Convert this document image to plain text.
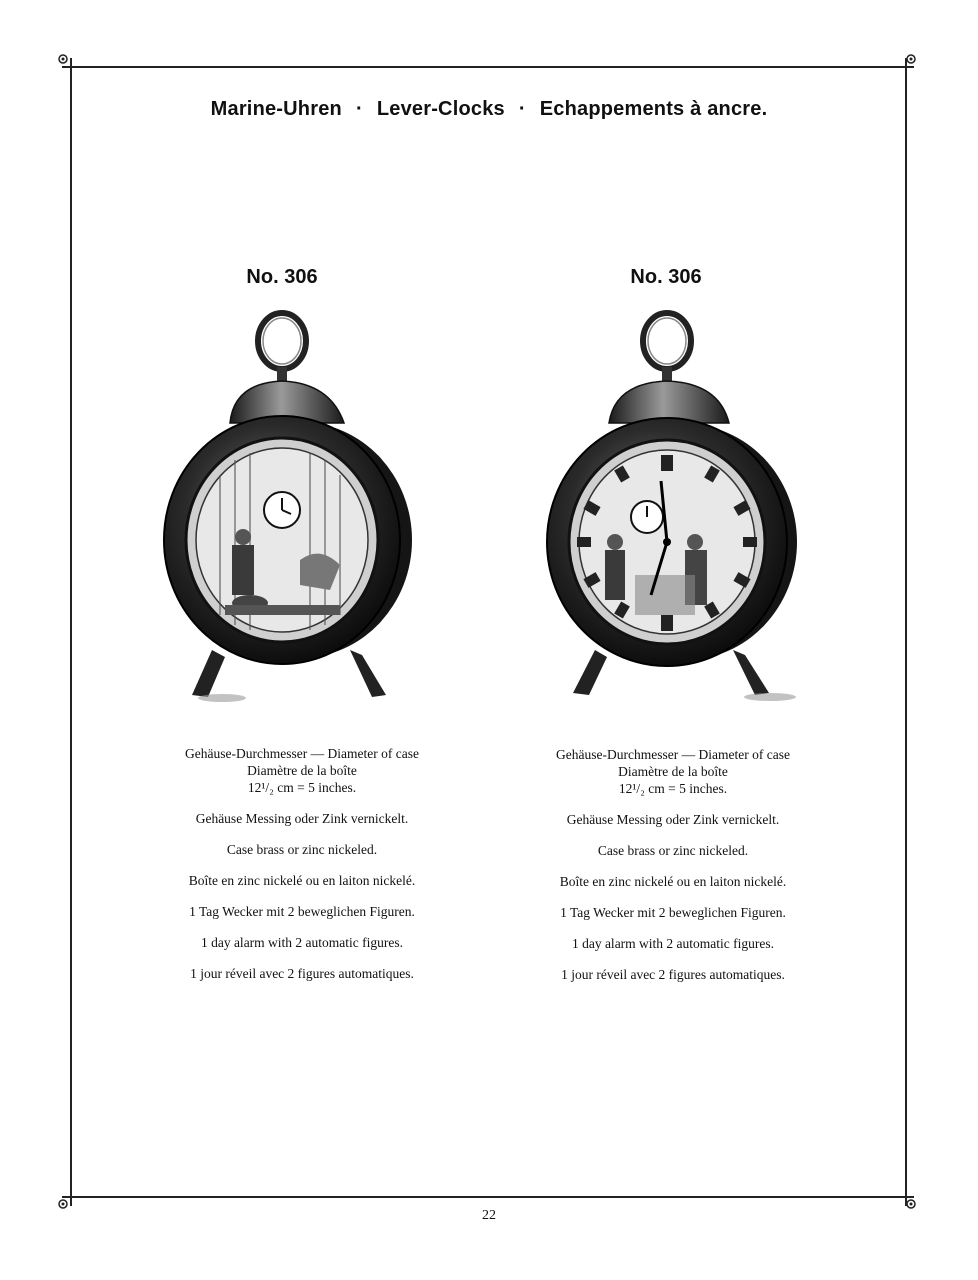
Marine-Uhren · Lever-Clocks · Echappements à ancre.
No. 306
Gehäuse-Durchmesser — Diameter of case
Diamètre de la boîte
12¹/₂ cm = 5 inches.
Gehäuse Messing oder Zink vernickelt.
Case brass or zinc nickeled.
Boîte en zinc nickelé ou en laiton nickelé.
1 Tag Wecker mit 2 beweglichen Figuren.
1 day alarm with 2 automatic figures.
1 jour réveil avec 2 figures automatiques.
No. 306
Gehäuse-Durchmesser — Diameter of case
Diamètre de la boîte
12¹/₂ cm = 5 inches.
Gehäuse Messing oder Zink vernickelt.
Case brass or zinc nickeled.
Boîte en zinc nickelé ou en laiton nickelé.
1 Tag Wecker mit 2 beweglichen Figuren.
1 day alarm with 2 automatic figures.
1 jour réveil avec 2 figures automatiques.
22
